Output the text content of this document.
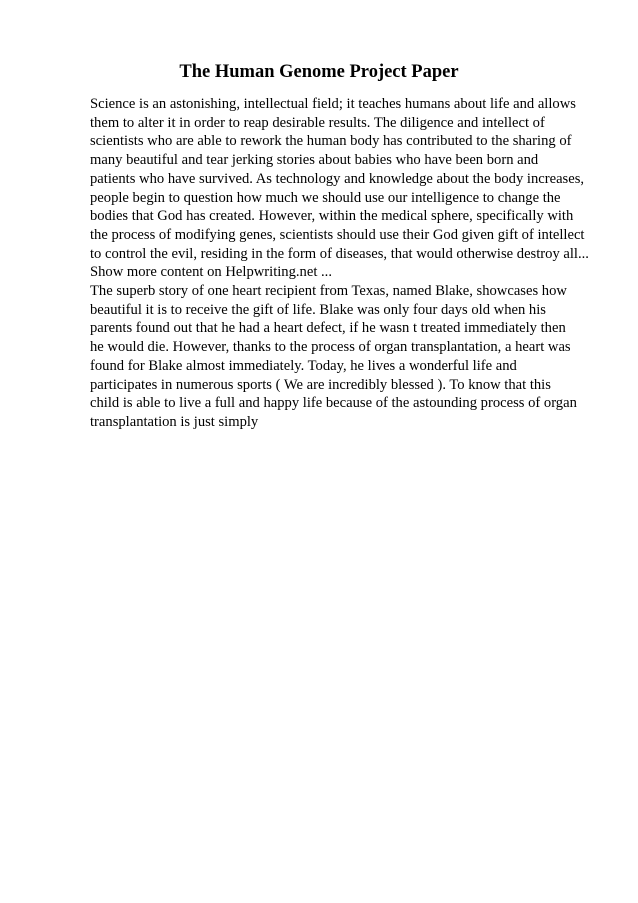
The Human Genome Project Paper
Science is an astonishing, intellectual field; it teaches humans about life and allows
them to alter it in order to reap desirable results. The diligence and intellect of
scientists who are able to rework the human body has contributed to the sharing of
many beautiful and tear jerking stories about babies who have been born and
patients who have survived. As technology and knowledge about the body increases,
people begin to question how much we should use our intelligence to change the
bodies that God has created. However, within the medical sphere, specifically with
the process of modifying genes, scientists should use their God given gift of intellect
to control the evil, residing in the form of diseases, that would otherwise destroy all...
Show more content on Helpwriting.net ...
The superb story of one heart recipient from Texas, named Blake, showcases how
beautiful it is to receive the gift of life. Blake was only four days old when his
parents found out that he had a heart defect, if he wasn t treated immediately then
he would die. However, thanks to the process of organ transplantation, a heart was
found for Blake almost immediately. Today, he lives a wonderful life and
participates in numerous sports ( We are incredibly blessed ). To know that this
child is able to live a full and happy life because of the astounding process of organ
transplantation is just simply
